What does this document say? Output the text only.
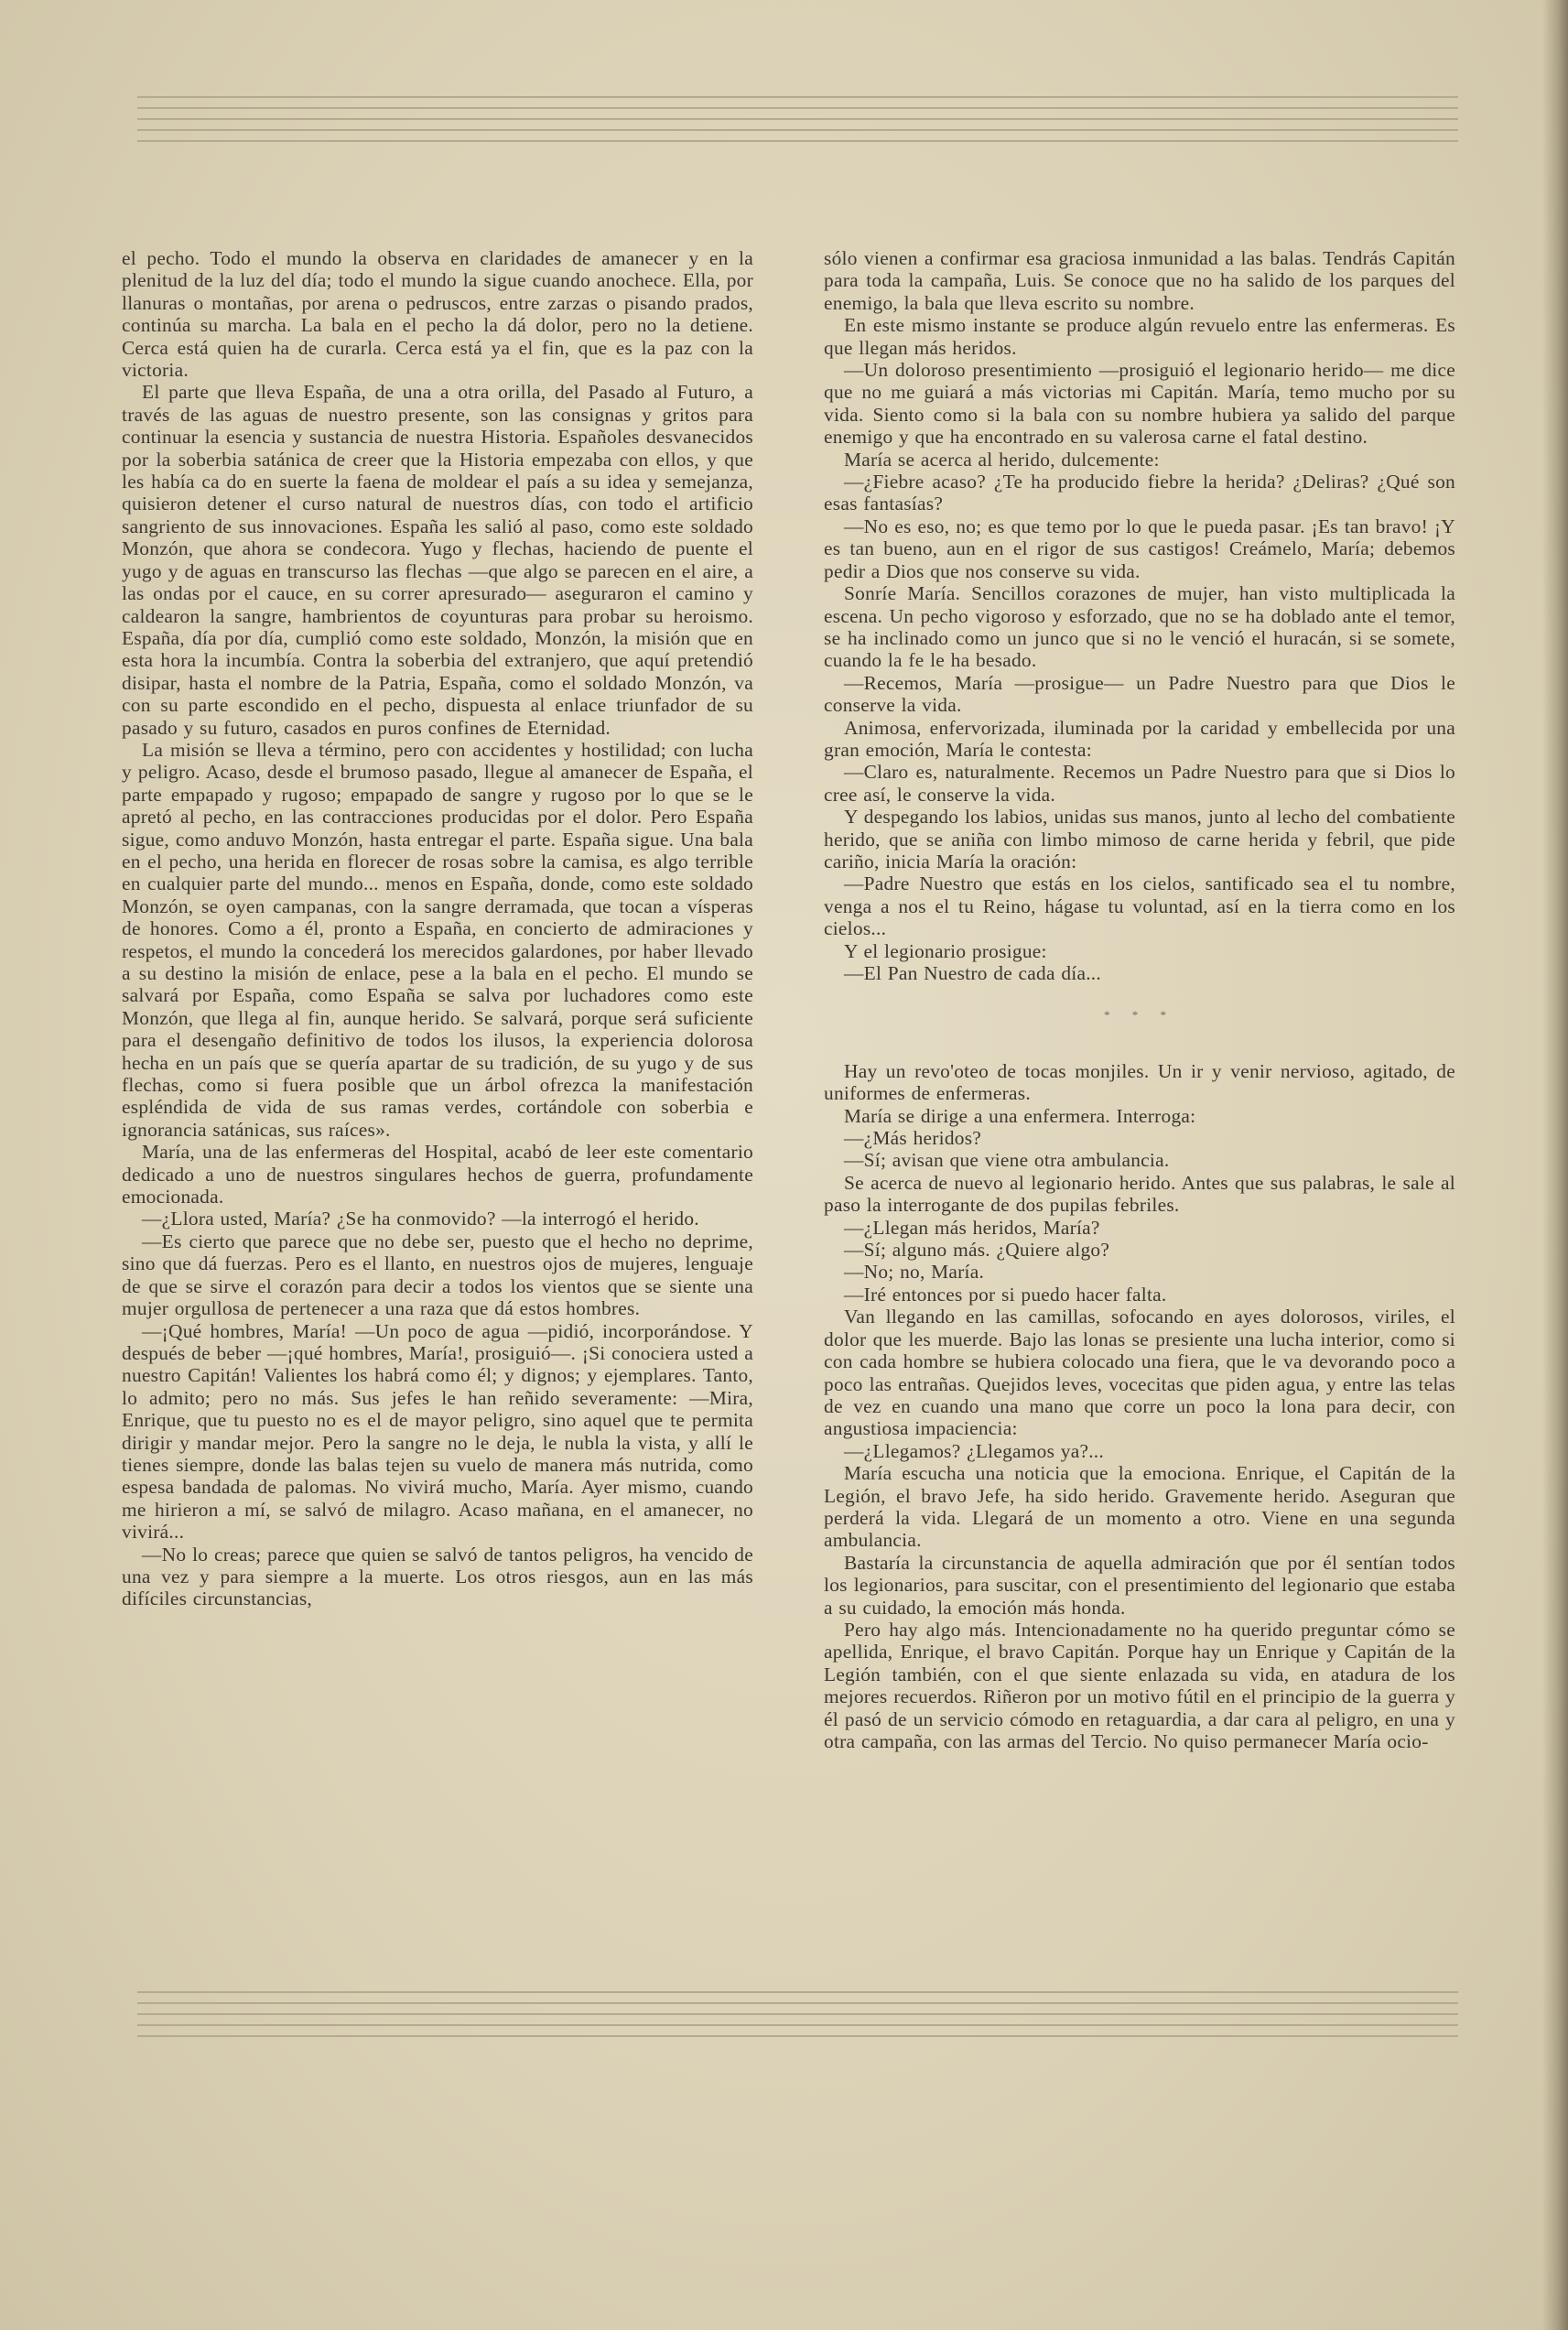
el pecho. Todo el mundo la observa en claridades de amanecer y en la plenitud de la luz del día; todo el mundo la sigue cuando anochece. Ella, por llanuras o montañas, por arena o pedruscos, entre zarzas o pisando prados, continúa su marcha. La bala en el pecho la dá dolor, pero no la detiene. Cerca está quien ha de curarla. Cerca está ya el fin, que es la paz con la victoria.

El parte que lleva España, de una a otra orilla, del Pasado al Futuro, a través de las aguas de nuestro presente, son las consignas y gritos para continuar la esencia y sustancia de nuestra Historia. Españoles desvanecidos por la soberbia satánica de creer que la Historia empezaba con ellos, y que les había ca do en suerte la faena de moldear el país a su idea y semejanza, quisieron detener el curso natural de nuestros días, con todo el artificio sangriento de sus innovaciones. España les salió al paso, como este soldado Monzón, que ahora se condecora. Yugo y flechas, haciendo de puente el yugo y de aguas en transcurso las flechas —que algo se parecen en el aire, a las ondas por el cauce, en su correr apresurado— aseguraron el camino y caldearon la sangre, hambrientos de coyunturas para probar su heroismo. España, día por día, cumplió como este soldado, Monzón, la misión que en esta hora la incumbía. Contra la soberbia del extranjero, que aquí pretendió disipar, hasta el nombre de la Patria, España, como el soldado Monzón, va con su parte escondido en el pecho, dispuesta al enlace triunfador de su pasado y su futuro, casados en puros confines de Eternidad.

La misión se lleva a término, pero con accidentes y hostilidad; con lucha y peligro. Acaso, desde el brumoso pasado, llegue al amanecer de España, el parte empapado y rugoso; empapado de sangre y rugoso por lo que se le apretó al pecho, en las contracciones producidas por el dolor. Pero España sigue, como anduvo Monzón, hasta entregar el parte. España sigue. Una bala en el pecho, una herida en florecer de rosas sobre la camisa, es algo terrible en cualquier parte del mundo... menos en España, donde, como este soldado Monzón, se oyen campanas, con la sangre derramada, que tocan a vísperas de honores. Como a él, pronto a España, en concierto de admiraciones y respetos, el mundo la concederá los merecidos galardones, por haber llevado a su destino la misión de enlace, pese a la bala en el pecho. El mundo se salvará por España, como España se salva por luchadores como este Monzón, que llega al fin, aunque herido. Se salvará, porque será suficiente para el desengaño definitivo de todos los ilusos, la experiencia dolorosa hecha en un país que se quería apartar de su tradición, de su yugo y de sus flechas, como si fuera posible que un árbol ofrezca la manifestación espléndida de vida de sus ramas verdes, cortándole con soberbia e ignorancia satánicas, sus raíces».

María, una de las enfermeras del Hospital, acabó de leer este comentario dedicado a uno de nuestros singulares hechos de guerra, profundamente emocionada.

—¿Llora usted, María? ¿Se ha conmovido? —la interrogó el herido.

—Es cierto que parece que no debe ser, puesto que el hecho no deprime, sino que dá fuerzas. Pero es el llanto, en nuestros ojos de mujeres, lenguaje de que se sirve el corazón para decir a todos los vientos que se siente una mujer orgullosa de pertenecer a una raza que dá estos hombres.

—¡Qué hombres, María! —Un poco de agua —pidió, incorporándose. Y después de beber —¡qué hombres, María!, prosiguió—. ¡Si conociera usted a nuestro Capitán! Valientes los habrá como él; y dignos; y ejemplares. Tanto, lo admito; pero no más. Sus jefes le han reñido severamente: —Mira, Enrique, que tu puesto no es el de mayor peligro, sino aquel que te permita dirigir y mandar mejor. Pero la sangre no le deja, le nubla la vista, y allí le tienes siempre, donde las balas tejen su vuelo de manera más nutrida, como espesa bandada de palomas. No vivirá mucho, María. Ayer mismo, cuando me hirieron a mí, se salvó de milagro. Acaso mañana, en el amanecer, no vivirá...

—No lo creas; parece que quien se salvó de tantos peligros, ha vencido de una vez y para siempre a la muerte. Los otros riesgos, aun en las más difíciles circunstancias,

sólo vienen a confirmar esa graciosa inmunidad a las balas. Tendrás Capitán para toda la campaña, Luis. Se conoce que no ha salido de los parques del enemigo, la bala que lleva escrito su nombre.

En este mismo instante se produce algún revuelo entre las enfermeras. Es que llegan más heridos.

—Un doloroso presentimiento —prosiguió el legionario herido— me dice que no me guiará a más victorias mi Capitán. María, temo mucho por su vida. Siento como si la bala con su nombre hubiera ya salido del parque enemigo y que ha encontrado en su valerosa carne el fatal destino.

María se acerca al herido, dulcemente:

—¿Fiebre acaso? ¿Te ha producido fiebre la herida? ¿Deliras? ¿Qué son esas fantasías?

—No es eso, no; es que temo por lo que le pueda pasar. ¡Es tan bravo! ¡Y es tan bueno, aun en el rigor de sus castigos! Creámelo, María; debemos pedir a Dios que nos conserve su vida.

Sonríe María. Sencillos corazones de mujer, han visto multiplicada la escena. Un pecho vigoroso y esforzado, que no se ha doblado ante el temor, se ha inclinado como un junco que si no le venció el huracán, si se somete, cuando la fe le ha besado.

—Recemos, María —prosigue— un Padre Nuestro para que Dios le conserve la vida.

Animosa, enfervorizada, iluminada por la caridad y embellecida por una gran emoción, María le contesta:

—Claro es, naturalmente. Recemos un Padre Nuestro para que si Dios lo cree así, le conserve la vida.

Y despegando los labios, unidas sus manos, junto al lecho del combatiente herido, que se aniña con limbo mimoso de carne herida y febril, que pide cariño, inicia María la oración:

—Padre Nuestro que estás en los cielos, santificado sea el tu nombre, venga a nos el tu Reino, hágase tu voluntad, así en la tierra como en los cielos...

Y el legionario prosigue:

—El Pan Nuestro de cada día...

* * *

Hay un revo'oteo de tocas monjiles. Un ir y venir nervioso, agitado, de uniformes de enfermeras.

María se dirige a una enfermera. Interroga:

—¿Más heridos?

—Sí; avisan que viene otra ambulancia.

Se acerca de nuevo al legionario herido. Antes que sus palabras, le sale al paso la interrogante de dos pupilas febriles.

—¿Llegan más heridos, María?

—Sí; alguno más. ¿Quiere algo?

—No; no, María.

—Iré entonces por si puedo hacer falta.

Van llegando en las camillas, sofocando en ayes dolorosos, viriles, el dolor que les muerde. Bajo las lonas se presiente una lucha interior, como si con cada hombre se hubiera colocado una fiera, que le va devorando poco a poco las entrañas. Quejidos leves, vocecitas que piden agua, y entre las telas de vez en cuando una mano que corre un poco la lona para decir, con angustiosa impaciencia:

—¿Llegamos? ¿Llegamos ya?...

María escucha una noticia que la emociona. Enrique, el Capitán de la Legión, el bravo Jefe, ha sido herido. Gravemente herido. Aseguran que perderá la vida. Llegará de un momento a otro. Viene en una segunda ambulancia.

Bastaría la circunstancia de aquella admiración que por él sentían todos los legionarios, para suscitar, con el presentimiento del legionario que estaba a su cuidado, la emoción más honda.

Pero hay algo más. Intencionadamente no ha querido preguntar cómo se apellida, Enrique, el bravo Capitán. Porque hay un Enrique y Capitán de la Legión también, con el que siente enlazada su vida, en atadura de los mejores recuerdos. Riñeron por un motivo fútil en el principio de la guerra y él pasó de un servicio cómodo en retaguardia, a dar cara al peligro, en una y otra campaña, con las armas del Tercio. No quiso permanecer María ocio-
